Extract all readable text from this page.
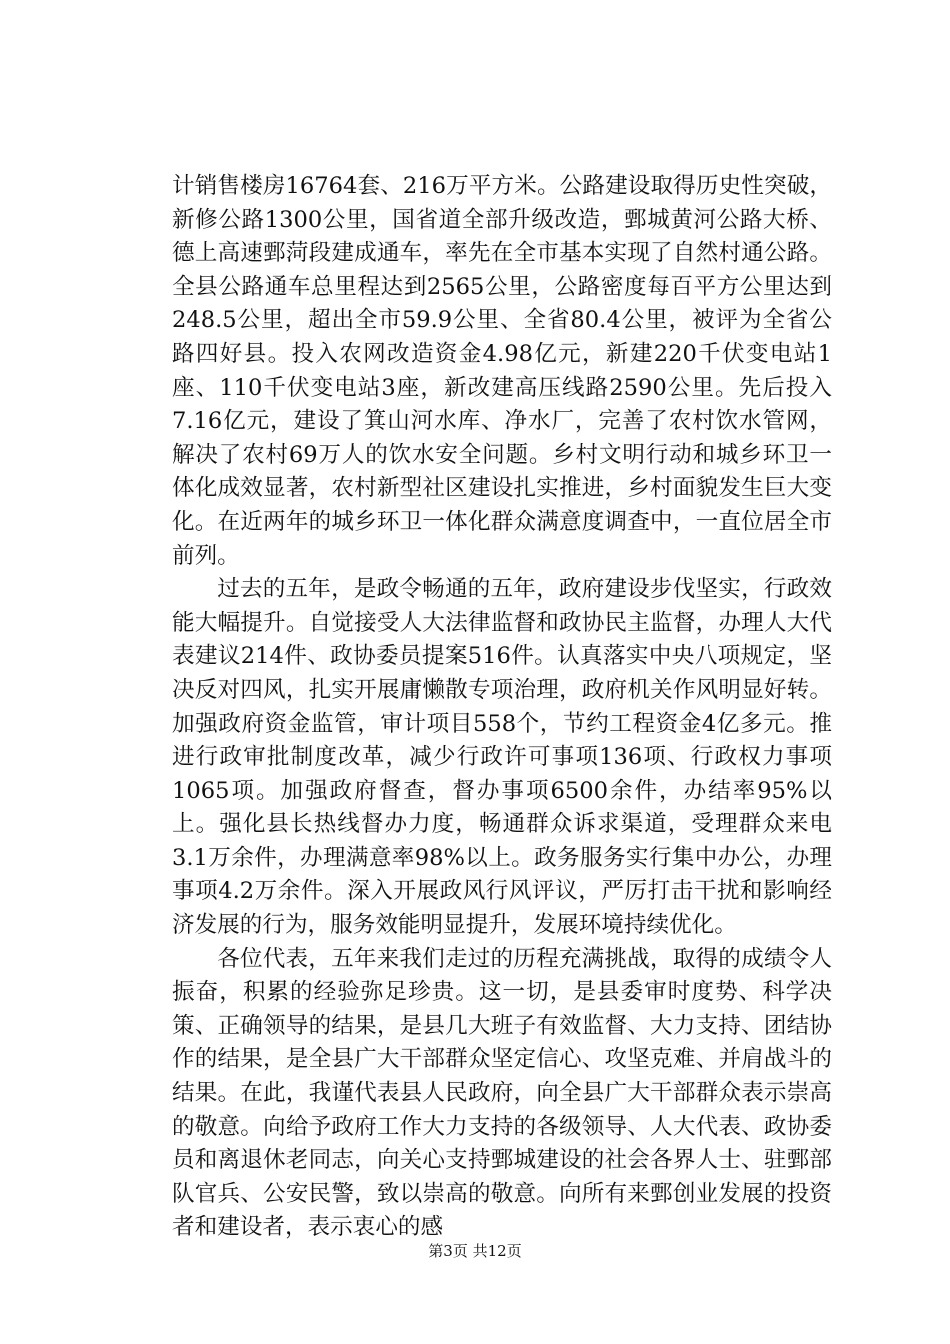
计销售楼房16764套、216万平方米。公路建设取得历史性突破，新修公路1300公里，国省道全部升级改造，鄄城黄河公路大桥、德上高速鄄菏段建成通车，率先在全市基本实现了自然村通公路。全县公路通车总里程达到2565公里，公路密度每百平方公里达到248.5公里，超出全市59.9公里、全省80.4公里，被评为全省公路四好县。投入农网改造资金4.98亿元，新建220千伏变电站1座、110千伏变电站3座，新改建高压线路2590公里。先后投入7.16亿元，建设了箕山河水库、净水厂，完善了农村饮水管网，解决了农村69万人的饮水安全问题。乡村文明行动和城乡环卫一体化成效显著，农村新型社区建设扎实推进，乡村面貌发生巨大变化。在近两年的城乡环卫一体化群众满意度调查中，一直位居全市前列。

过去的五年，是政令畅通的五年，政府建设步伐坚实，行政效能大幅提升。自觉接受人大法律监督和政协民主监督，办理人大代表建议214件、政协委员提案516件。认真落实中央八项规定，坚决反对四风，扎实开展庸懒散专项治理，政府机关作风明显好转。加强政府资金监管，审计项目558个，节约工程资金4亿多元。推进行政审批制度改革，减少行政许可事项136项、行政权力事项1065项。加强政府督查，督办事项6500余件，办结率95%以上。强化县长热线督办力度，畅通群众诉求渠道，受理群众来电3.1万余件，办理满意率98%以上。政务服务实行集中办公，办理事项4.2万余件。深入开展政风行风评议，严厉打击干扰和影响经济发展的行为，服务效能明显提升，发展环境持续优化。

各位代表，五年来我们走过的历程充满挑战，取得的成绩令人振奋，积累的经验弥足珍贵。这一切，是县委审时度势、科学决策、正确领导的结果，是县几大班子有效监督、大力支持、团结协作的结果，是全县广大干部群众坚定信心、攻坚克难、并肩战斗的结果。在此，我谨代表县人民政府，向全县广大干部群众表示崇高的敬意。向给予政府工作大力支持的各级领导、人大代表、政协委员和离退休老同志，向关心支持鄄城建设的社会各界人士、驻鄄部队官兵、公安民警，致以崇高的敬意。向所有来鄄创业发展的投资者和建设者，表示衷心的感

第3页 共12页
